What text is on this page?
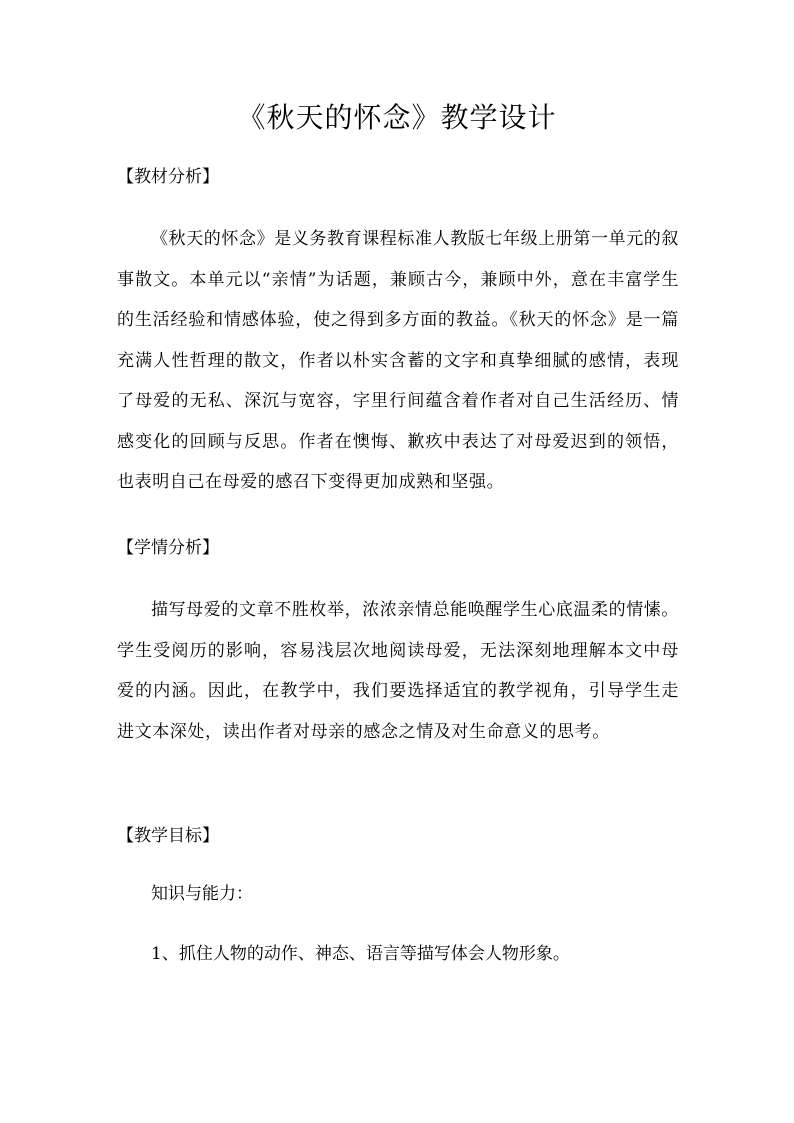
《秋天的怀念》教学设计
【教材分析】
《秋天的怀念》是义务教育课程标准人教版七年级上册第一单元的叙事散文。本单元以“亲情”为话题，兼顾古今，兼顾中外，意在丰富学生的生活经验和情感体验，使之得到多方面的教益。《秋天的怀念》是一篇充满人性哲理的散文，作者以朴实含蓄的文字和真挚细腻的感情，表现了母爱的无私、深沉与宽容，字里行间蕴含着作者对自己生活经历、情感变化的回顾与反思。作者在懊悔、歉疚中表达了对母爱迟到的领悟，也表明自己在母爱的感召下变得更加成熟和坚强。
【学情分析】
描写母爱的文章不胜枚举，浓浓亲情总能唤醒学生心底温柔的情愫。学生受阅历的影响，容易浅层次地阅读母爱，无法深刻地理解本文中母爱的内涵。因此，在教学中，我们要选择适宜的教学视角，引导学生走进文本深处，读出作者对母亲的感念之情及对生命意义的思考。
【教学目标】
知识与能力：
1、抓住人物的动作、神态、语言等描写体会人物形象。
